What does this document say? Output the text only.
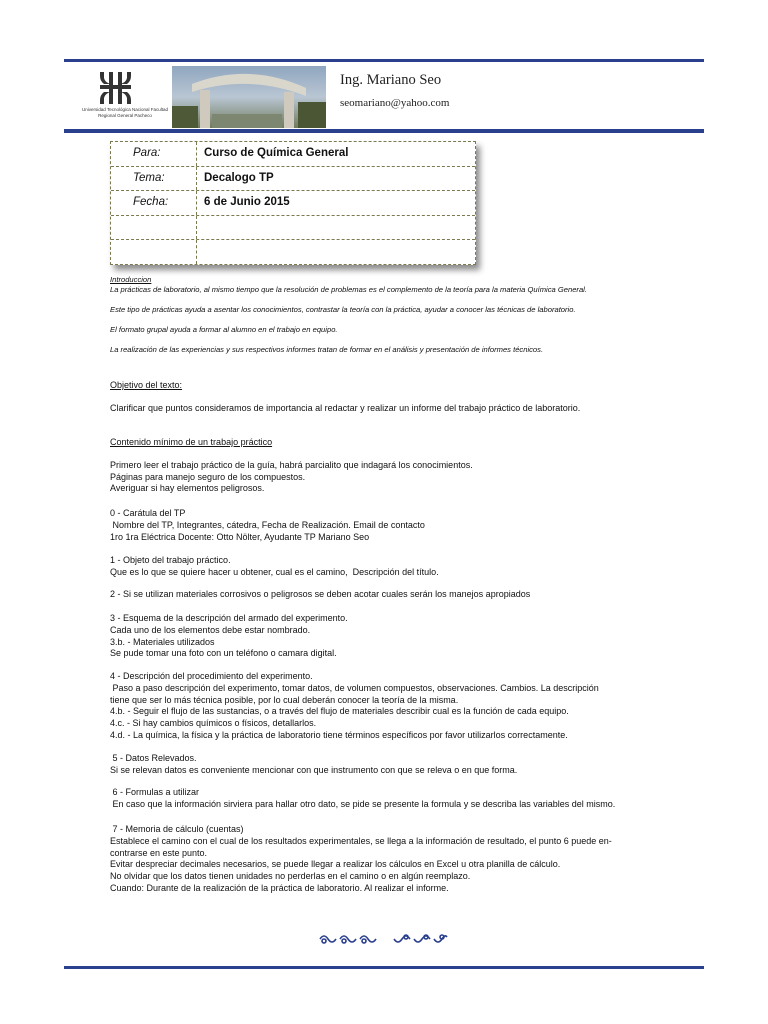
Universidad Tecnológica Nacional Facultad Regional General Pacheco
Ing. Mariano Seo
seomariano@yahoo.com
Para:	Curso de Química General
Tema:	Decalogo TP
Fecha:	6 de Junio 2015

Introduccion

La prácticas de laboratorio, al mismo tiempo que la resolución de problemas es el complemento de la teoría para la materia Química General.

Este tipo de prácticas ayuda a asentar los conocimientos, contrastar la teoría con la práctica, ayudar a conocer las técnicas de laboratorio.

El formato grupal ayuda a formar al alumno en el trabajo en equipo.

La realización de las experiencias y sus respectivos informes tratan de formar en el análisis y presentación de informes técnicos.

Objetivo del texto:

Clarificar que puntos consideramos de importancia al redactar y realizar un informe del trabajo práctico de laboratorio.

Contenido mínimo de un trabajo práctico

Primero leer el trabajo práctico de la guía, habrá parcialito que indagará los conocimientos.

Páginas para manejo seguro de los compuestos.

Averiguar si hay elementos peligrosos.

0 - Carátula del TP

Nombre del TP, Integrantes, cátedra, Fecha de Realización. Email de contacto

1ro 1ra Eléctrica Docente: Otto Nölter, Ayudante TP Mariano Seo

1 - Objeto del trabajo práctico.

Que es lo que se quiere hacer u obtener, cual es el camino,  Descripción del título.

2 - Si se utilizan materiales corrosivos o peligrosos se deben acotar cuales serán los manejos apropiados

3 - Esquema de la descripción del armado del experimento.

Cada uno de los elementos debe estar nombrado.

3.b. - Materiales utilizados

Se pude tomar una foto con un teléfono o camara digital.

4 - Descripción del procedimiento del experimento.

Paso a paso descripción del experimento, tomar datos, de volumen compuestos, observaciones. Cambios. La descripción

tiene que ser lo más técnica posible, por lo cual deberán conocer la teoría de la misma.

4.b. - Seguir el flujo de las sustancias, o a través del flujo de materiales describir cual es la función de cada equipo.

4.c. - Si hay cambios químicos o físicos, detallarlos.

4.d. - La química, la física y la práctica de laboratorio tiene términos específicos por favor utilizarlos correctamente.

5 - Datos Relevados.

Si se relevan datos es conveniente mencionar con que instrumento con que se releva o en que forma.

6 - Formulas a utilizar

En caso que la información sirviera para hallar otro dato, se pide se presente la formula y se describa las variables del mismo.

7 - Memoria de cálculo (cuentas)

Establece el camino con el cual de los resultados experimentales, se llega a la información de resultado, el punto 6 puede en-

contrarse en este punto.

Evitar despreciar decimales necesarios, se puede llegar a realizar los cálculos en Excel u otra planilla de cálculo.

No olvidar que los datos tienen unidades no perderlas en el camino o en algún reemplazo.

Cuando: Durante de la realización de la práctica de laboratorio. Al realizar el informe.
